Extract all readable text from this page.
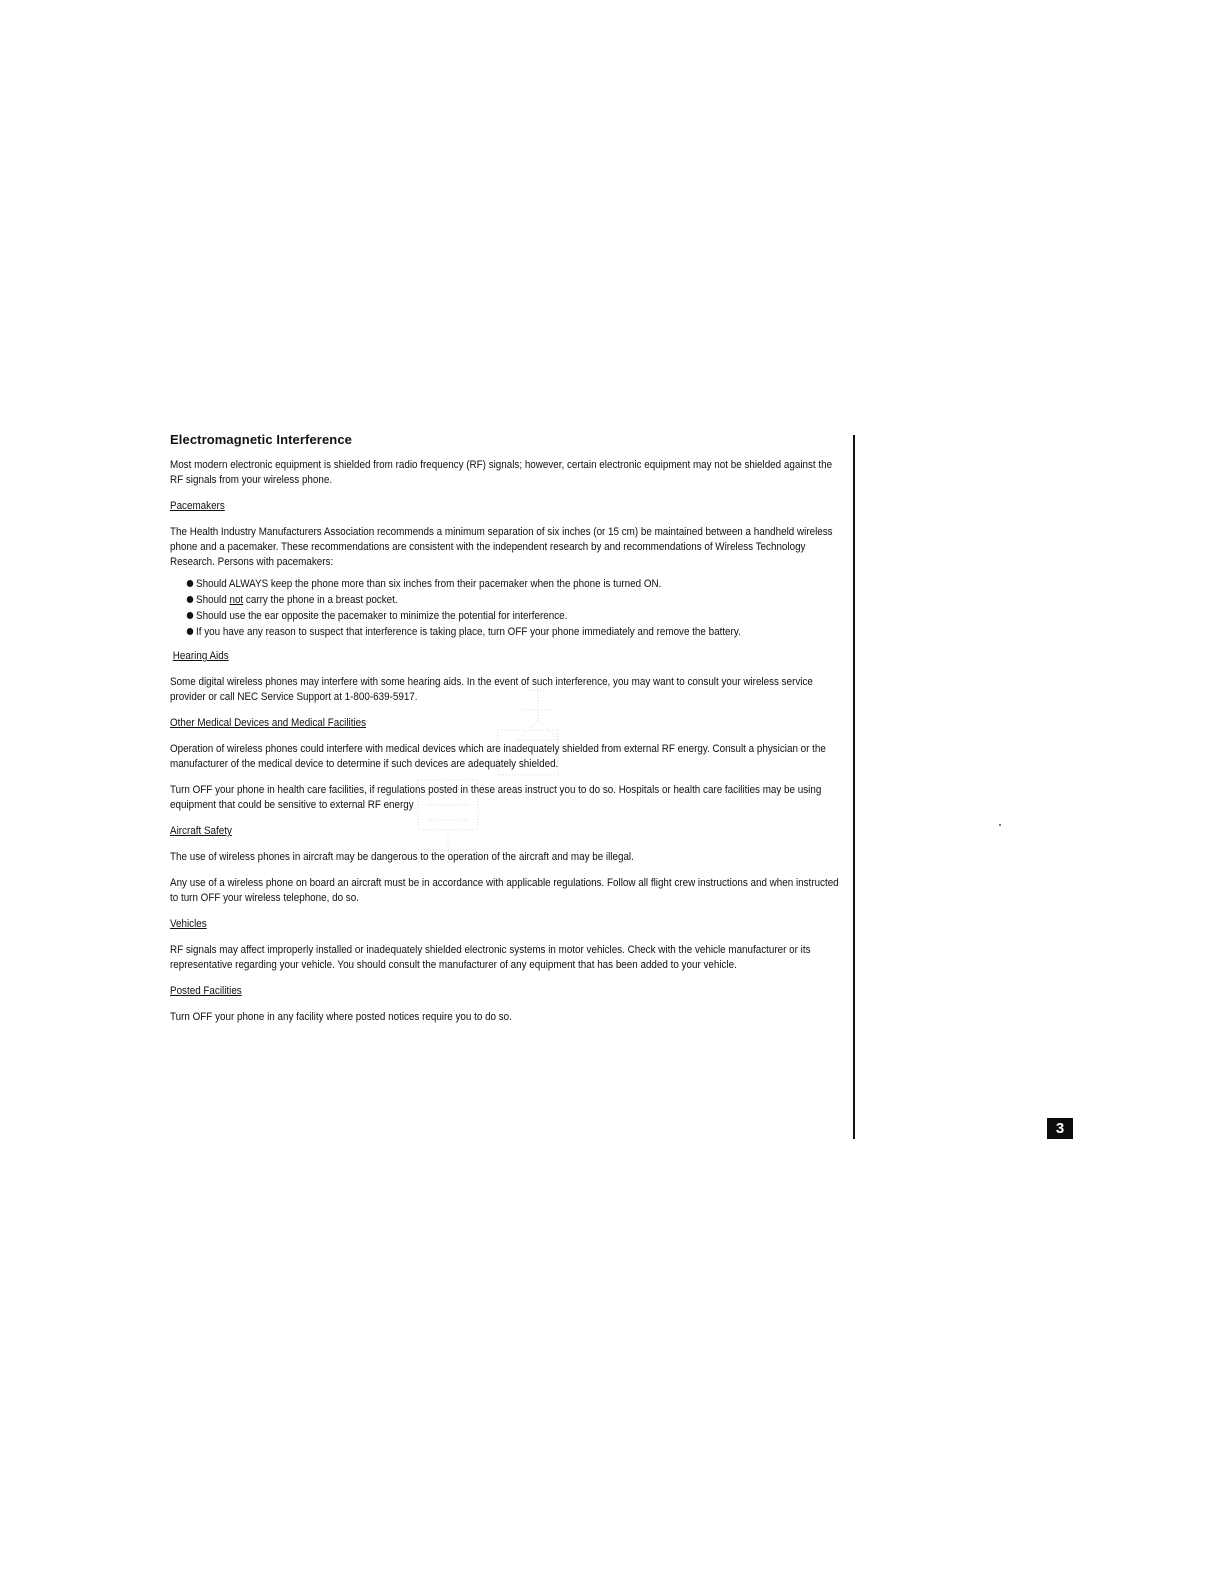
Electromagnetic Interference
Most modern electronic equipment is shielded from radio frequency (RF) signals; however, certain electronic equipment may not be shielded against the RF signals from your wireless phone.
Pacemakers
The Health Industry Manufacturers Association recommends a minimum separation of six inches (or 15 cm) be maintained between a handheld wireless phone and a pacemaker. These recommendations are consistent with the independent research by and recommendations of Wireless Technology Research. Persons with pacemakers:
Should ALWAYS keep the phone more than six inches from their pacemaker when the phone is turned ON.
Should not carry the phone in a breast pocket.
Should use the ear opposite the pacemaker to minimize the potential for interference.
If you have any reason to suspect that interference is taking place, turn OFF your phone immediately and remove the battery.
Hearing Aids
Some digital wireless phones may interfere with some hearing aids. In the event of such interference, you may want to consult your wireless service provider or call NEC Service Support at 1-800-639-5917.
Other Medical Devices and Medical Facilities
Operation of wireless phones could interfere with medical devices which are inadequately shielded from external RF energy. Consult a physician or the manufacturer of the medical device to determine if such devices are adequately shielded.
Turn OFF your phone in health care facilities, if regulations posted in these areas instruct you to do so. Hospitals or health care facilities may be using equipment that could be sensitive to external RF energy
Aircraft Safety
The use of wireless phones in aircraft may be dangerous to the operation of the aircraft and may be illegal.
Any use of a wireless phone on board an aircraft must be in accordance with applicable regulations. Follow all flight crew instructions and when instructed to turn OFF your wireless telephone, do so.
Vehicles
RF signals may affect improperly installed or inadequately shielded electronic systems in motor vehicles. Check with the vehicle manufacturer or its representative regarding your vehicle. You should consult the manufacturer of any equipment that has been added to your vehicle.
Posted Facilities
Turn OFF your phone in any facility where posted notices require you to do so.
3
